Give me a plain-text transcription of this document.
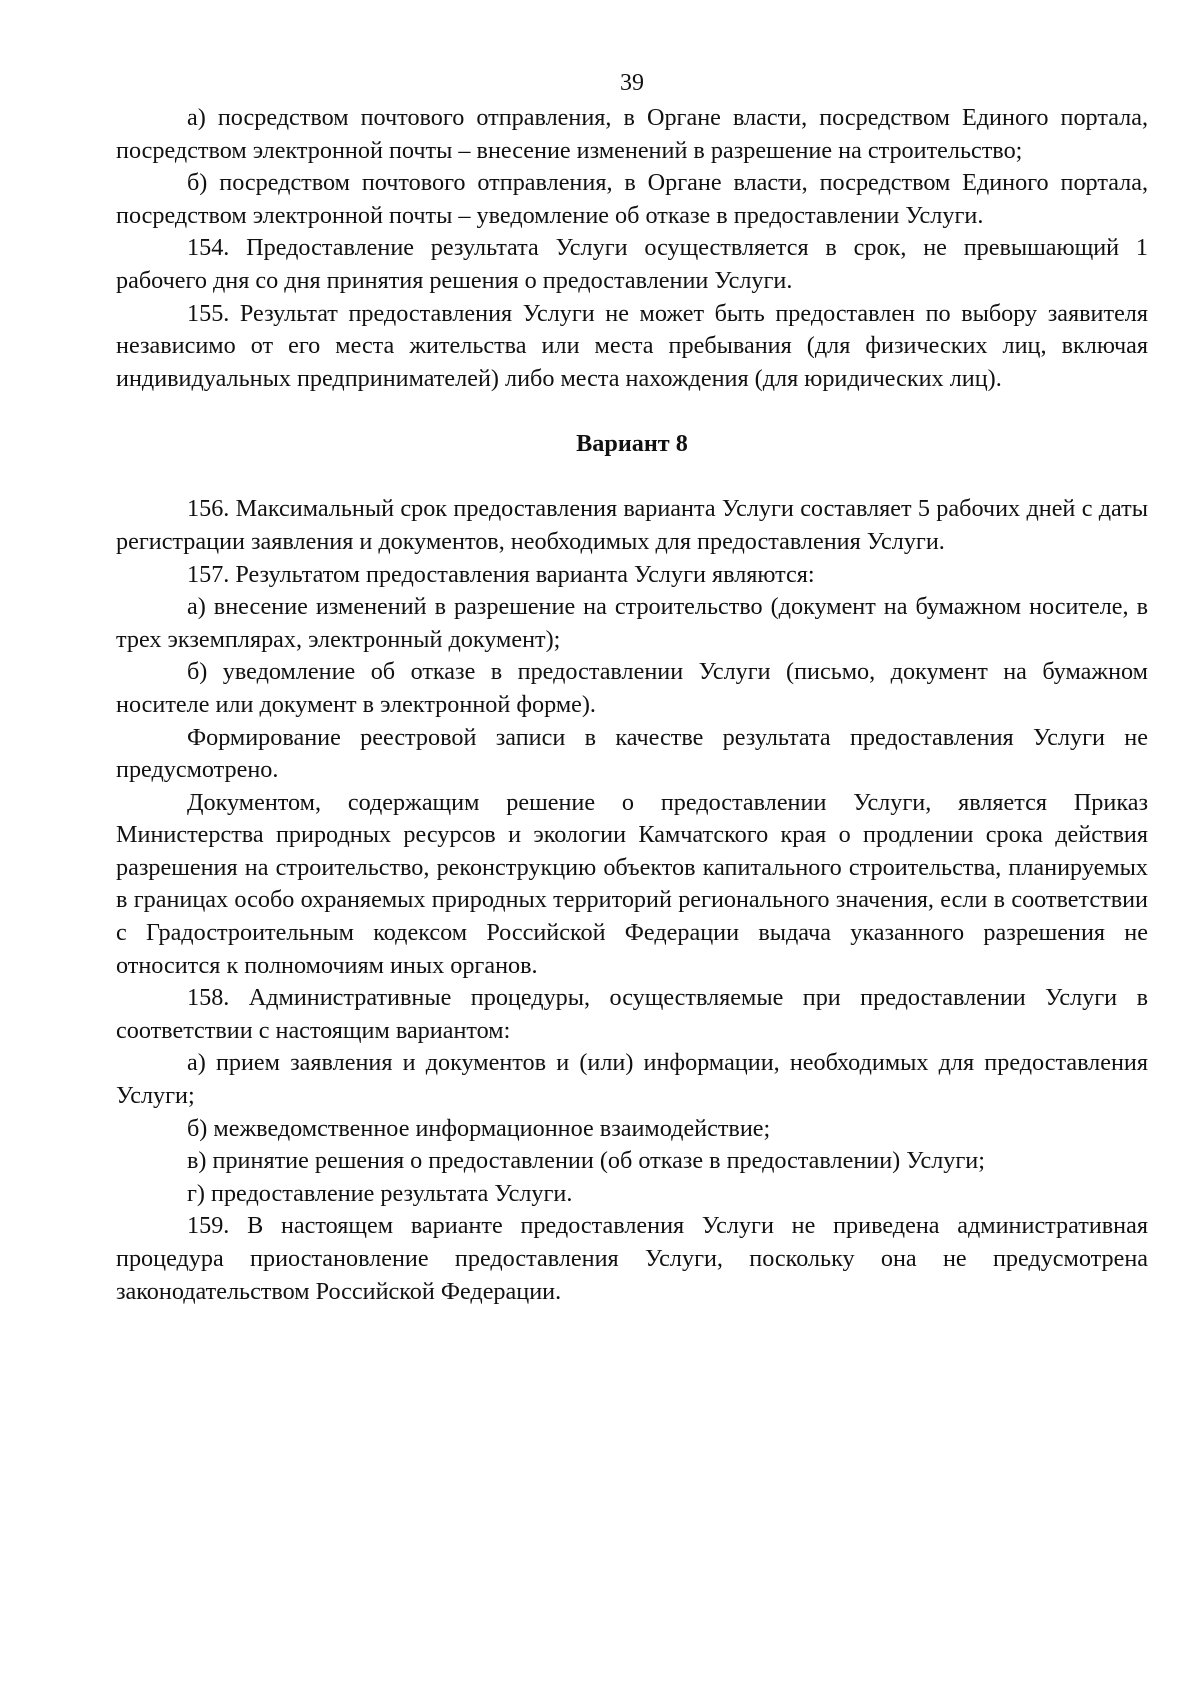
39

а) посредством почтового отправления, в Органе власти, посредством Единого портала, посредством электронной почты – внесение изменений в разрешение на строительство;

б) посредством почтового отправления, в Органе власти, посредством Единого портала, посредством электронной почты – уведомление об отказе в предоставлении Услуги.

154. Предоставление результата Услуги осуществляется в срок, не превышающий 1 рабочего дня со дня принятия решения о предоставлении Услуги.

155. Результат предоставления Услуги не может быть предоставлен по выбору заявителя независимо от его места жительства или места пребывания (для физических лиц, включая индивидуальных предпринимателей) либо места нахождения (для юридических лиц).

Вариант 8

156. Максимальный срок предоставления варианта Услуги составляет 5 рабочих дней с даты регистрации заявления и документов, необходимых для предоставления Услуги.

157. Результатом предоставления варианта Услуги являются:

а) внесение изменений в разрешение на строительство (документ на бумажном носителе, в трех экземплярах, электронный документ);

б) уведомление об отказе в предоставлении Услуги (письмо, документ на бумажном носителе или документ в электронной форме).

Формирование реестровой записи в качестве результата предоставления Услуги не предусмотрено.

Документом, содержащим решение о предоставлении Услуги, является Приказ Министерства природных ресурсов и экологии Камчатского края о продлении срока действия разрешения на строительство, реконструкцию объектов капитального строительства, планируемых в границах особо охраняемых природных территорий регионального значения, если в соответствии с Градостроительным кодексом Российской Федерации выдача указанного разрешения не относится к полномочиям иных органов.

158. Административные процедуры, осуществляемые при предоставлении Услуги в соответствии с настоящим вариантом:

а) прием заявления и документов и (или) информации, необходимых для предоставления Услуги;

б) межведомственное информационное взаимодействие;

в) принятие решения о предоставлении (об отказе в предоставлении) Услуги;

г) предоставление результата Услуги.

159. В настоящем варианте предоставления Услуги не приведена административная процедура приостановление предоставления Услуги, поскольку она не предусмотрена законодательством Российской Федерации.
